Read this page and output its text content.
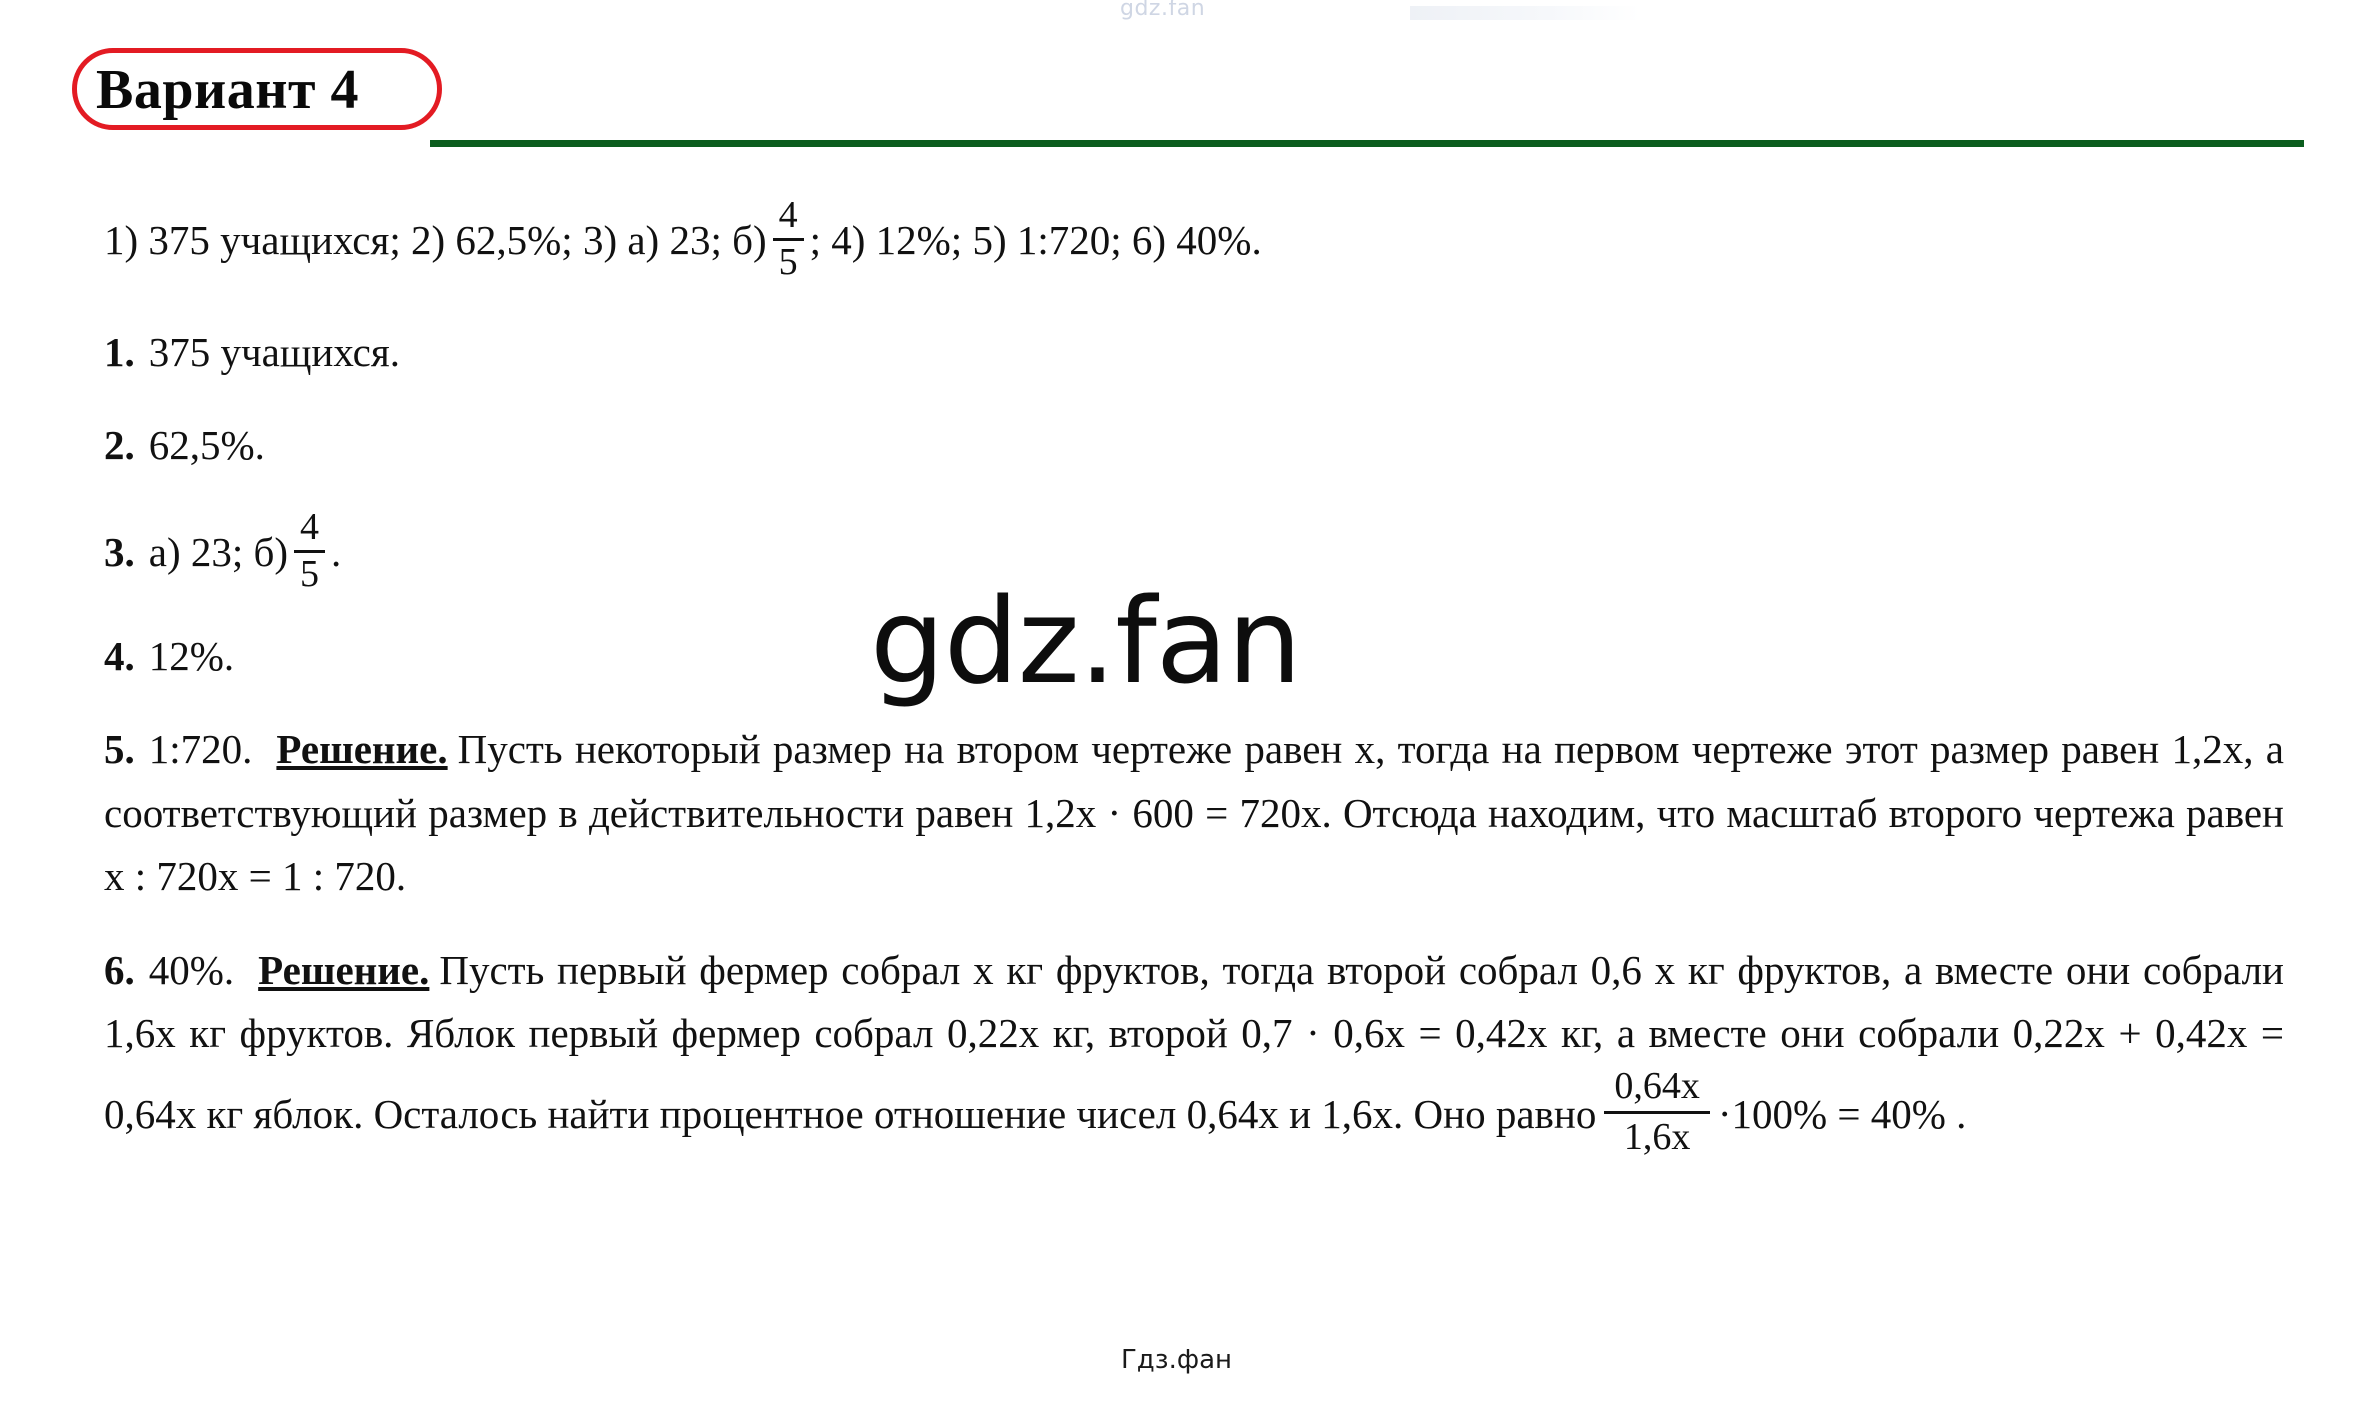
gdz.fan
Вариант 4

1) 375 учащихся; 2) 62,5%; 3) а) 23; $б) \frac{4}{5}$ ; 4) 12%; 5) 1:720; 6) 40%.

1. 375 учащихся.

2. 62,5%.

3. а) 23; $б) \frac{4}{5}$ .

4. 12%.

5. 1:720. Решение. Пусть некоторый размер на втором чертеже равен x, тогда на первом чертеже этот размер равен 1,2x, а соответствующий размер в действительности равен 1,2x · 600 = 720x. Отсюда находим, что масштаб второго чертежа равен x : 720x = 1 : 720.

6. 40%. Решение. Пусть первый фермер собрал x кг фруктов, тогда второй собрал 0,6 x кг фруктов, а вместе они собрали 1,6x кг фруктов. Яблок первый фермер собрал 0,22x кг, второй 0,7 · 0,6x = 0,42x кг, а вместе они собрали 0,22x + 0,42x = 0,64x кг яблок. Осталось найти процентное отношение чисел 0,64x и 1,6x. Оно равно $\frac{0,64x}{1,6x} \cdot 100\% = 40\%$ .

gdz.fan
Гдз.фан
